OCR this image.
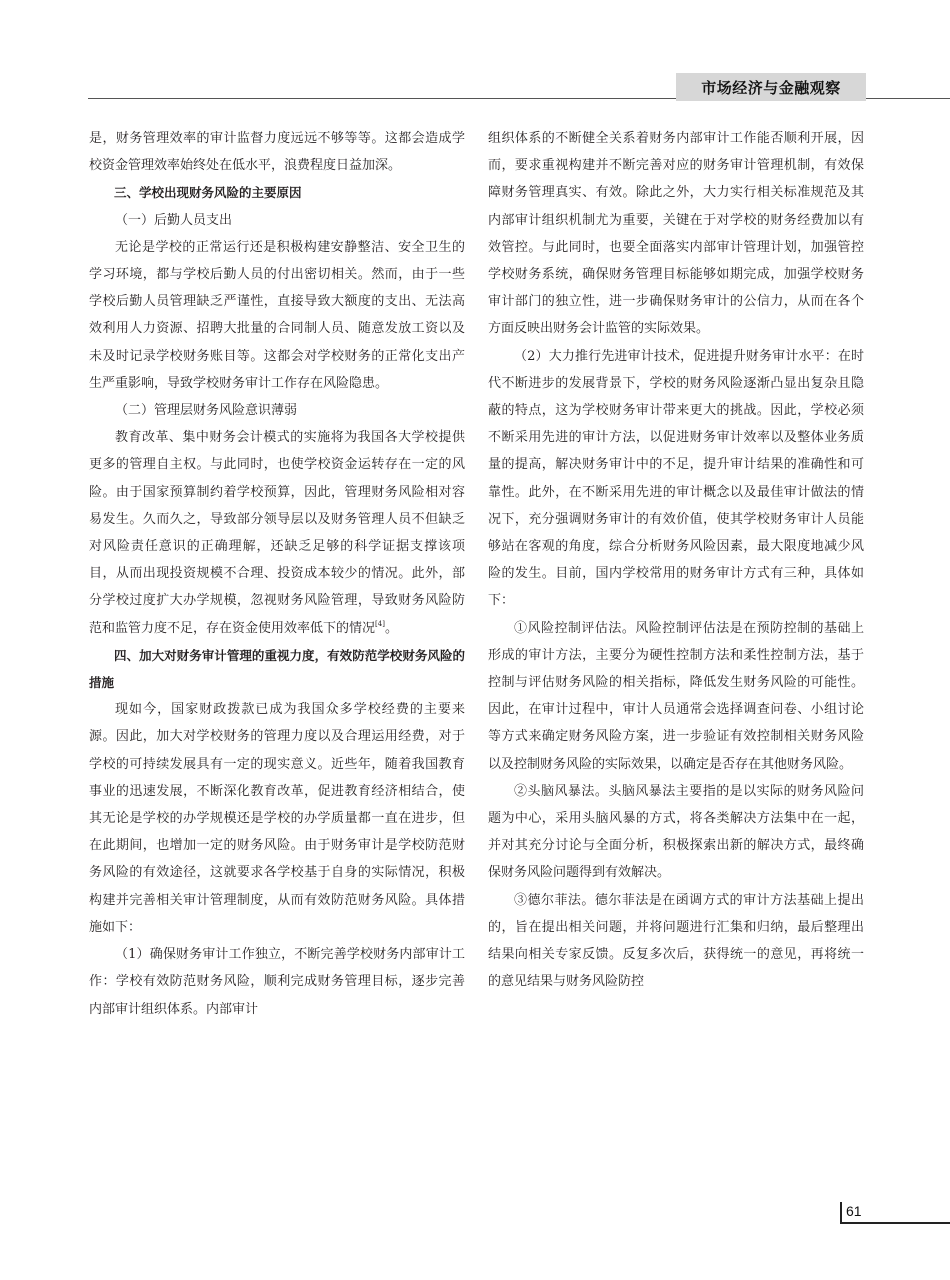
市场经济与金融观察

是，财务管理效率的审计监督力度远远不够等等。这都会造成学校资金管理效率始终处在低水平，浪费程度日益加深。

三、学校出现财务风险的主要原因

（一）后勤人员支出

无论是学校的正常运行还是积极构建安静整洁、安全卫生的学习环境，都与学校后勤人员的付出密切相关。然而，由于一些学校后勤人员管理缺乏严谨性，直接导致大额度的支出、无法高效利用人力资源、招聘大批量的合同制人员、随意发放工资以及未及时记录学校财务账目等。这都会对学校财务的正常化支出产生严重影响，导致学校财务审计工作存在风险隐患。

（二）管理层财务风险意识薄弱

教育改革、集中财务会计模式的实施将为我国各大学校提供更多的管理自主权。与此同时，也使学校资金运转存在一定的风险。由于国家预算制约着学校预算，因此，管理财务风险相对容易发生。久而久之，导致部分领导层以及财务管理人员不但缺乏对风险责任意识的正确理解，还缺乏足够的科学证据支撑该项目，从而出现投资规模不合理、投资成本较少的情况。此外，部分学校过度扩大办学规模，忽视财务风险管理，导致财务风险防范和监管力度不足，存在资金使用效率低下的情况[4]。

四、加大对财务审计管理的重视力度，有效防范学校财务风险的措施

现如今，国家财政拨款已成为我国众多学校经费的主要来源。因此，加大对学校财务的管理力度以及合理运用经费，对于学校的可持续发展具有一定的现实意义。近些年，随着我国教育事业的迅速发展，不断深化教育改革，促进教育经济相结合，使其无论是学校的办学规模还是学校的办学质量都一直在进步，但在此期间，也增加一定的财务风险。由于财务审计是学校防范财务风险的有效途径，这就要求各学校基于自身的实际情况，积极构建并完善相关审计管理制度，从而有效防范财务风险。具体措施如下：

（1）确保财务审计工作独立，不断完善学校财务内部审计工作：学校有效防范财务风险，顺利完成财务管理目标，逐步完善内部审计组织体系。内部审计

组织体系的不断健全关系着财务内部审计工作能否顺利开展，因而，要求重视构建并不断完善对应的财务审计管理机制，有效保障财务管理真实、有效。除此之外，大力实行相关标准规范及其内部审计组织机制尤为重要，关键在于对学校的财务经费加以有效管控。与此同时，也要全面落实内部审计管理计划，加强管控学校财务系统，确保财务管理目标能够如期完成，加强学校财务审计部门的独立性，进一步确保财务审计的公信力，从而在各个方面反映出财务会计监管的实际效果。

（2）大力推行先进审计技术，促进提升财务审计水平：在时代不断进步的发展背景下，学校的财务风险逐渐凸显出复杂且隐蔽的特点，这为学校财务审计带来更大的挑战。因此，学校必须不断采用先进的审计方法，以促进财务审计效率以及整体业务质量的提高，解决财务审计中的不足，提升审计结果的准确性和可靠性。此外，在不断采用先进的审计概念以及最佳审计做法的情况下，充分强调财务审计的有效价值，使其学校财务审计人员能够站在客观的角度，综合分析财务风险因素，最大限度地减少风险的发生。目前，国内学校常用的财务审计方式有三种，具体如下：

①风险控制评估法。风险控制评估法是在预防控制的基础上形成的审计方法，主要分为硬性控制方法和柔性控制方法，基于控制与评估财务风险的相关指标，降低发生财务风险的可能性。因此，在审计过程中，审计人员通常会选择调查问卷、小组讨论等方式来确定财务风险方案，进一步验证有效控制相关财务风险以及控制财务风险的实际效果，以确定是否存在其他财务风险。

②头脑风暴法。头脑风暴法主要指的是以实际的财务风险问题为中心，采用头脑风暴的方式，将各类解决方法集中在一起，并对其充分讨论与全面分析，积极探索出新的解决方式，最终确保财务风险问题得到有效解决。

③德尔菲法。德尔菲法是在函调方式的审计方法基础上提出的，旨在提出相关问题，并将问题进行汇集和归纳，最后整理出结果向相关专家反馈。反复多次后，获得统一的意见，再将统一的意见结果与财务风险防控

61
